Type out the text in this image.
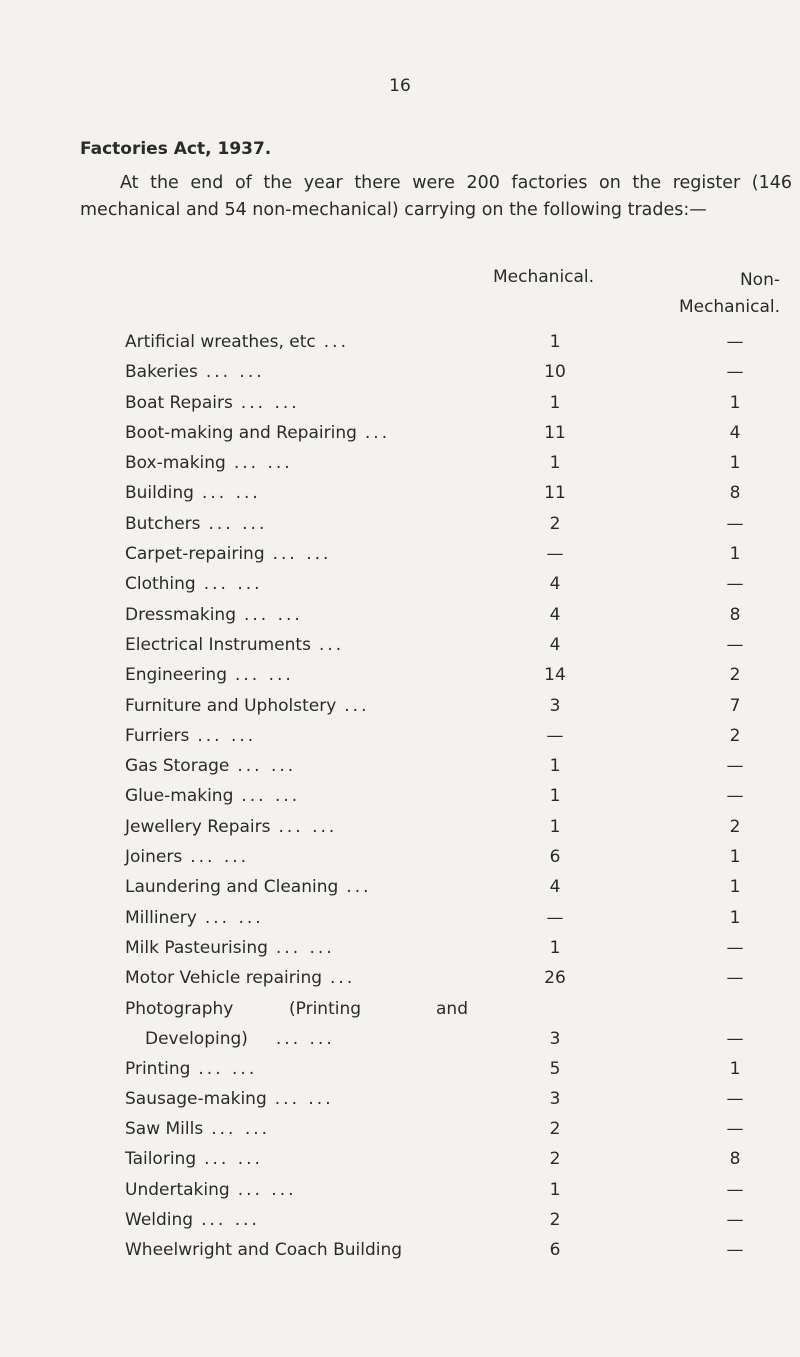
16
Factories Act, 1937.

At the end of the year there were 200 factories on the register (146 mechanical and 54 non-mechanical) carrying on the following trades:—

Mechanical.	Non- Mechanical.
Artificial wreathes, etc ...	1	—
Bakeries ... ...	10	—
Boat Repairs ... ...	1	1
Boot-making and Repairing ...	11	4
Box-making ... ...	1	1
Building ... ...	11	8
Butchers ... ...	2	—
Carpet-repairing ... ...	—	1
Clothing ... ...	4	—
Dressmaking ... ...	4	8
Electrical Instruments ...	4	—
Engineering ... ...	14	2
Furniture and Upholstery ...	3	7
Furriers ... ...	—	2
Gas Storage ... ...	1	—
Glue-making ... ...	1	—
Jewellery Repairs ... ...	1	2
Joiners ... ...	6	1
Laundering and Cleaning ...	4	1
Millinery ... ...	—	1
Milk Pasteurising ... ...	1	—
Motor Vehicle repairing ...	26	—
Photography	(Printing	and
Developing) ... ...	3	—
Printing ... ...	5	1
Sausage-making ... ...	3	—
Saw Mills ... ...	2	—
Tailoring ... ...	2	8
Undertaking ... ...	1	—
Welding ... ...	2	—
Wheelwright and Coach Building	6	—
